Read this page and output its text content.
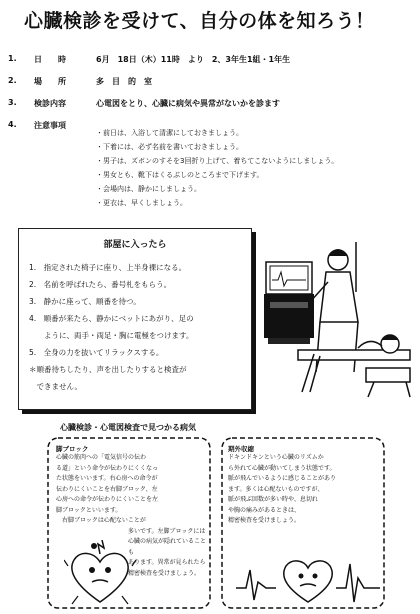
心臓検診を受けて、自分の体を知ろう！
1. 日　時	6月　18日（木）11時　より　2、3年生1組・1年生
2. 場　所	多　目　的　室
3. 検診内容	心電図をとり、心臓に病気や異常がないかを診ます
4. 注意事項
・ 前日は、入浴して清潔にしておきましょう。
・ 下着には、必ず名前を書いておきましょう。
・ 男子は、ズボンのすそを3回折り上げて、着ちてこないようにしましょう。
・ 男女とも、靴下はくるぶしのところまで下げます。
・ 会場内は、静かにしましょう。
・ 更衣は、早くしましょう。
部屋に入ったら
1.　指定された椅子に座り、上半身裸になる。
2.　名前を呼ばれたら、番号札をもらう。
3.　静かに座って、順番を待つ。
4.　順番が来たら、静かにベットにあがり、足の
　　ように、両手・両足・胸に電極をつけます。
5.　全身の力を抜いてリラックスする。
＊順番待ちしたり、声を出したりすると検査が
　できません。
心臓検診・心電図検査で見つかる病気
脚ブロック
心臓の筋肉への「電気信号の伝わ
る道」という命令が伝わりにくくなっ
た状態をいいます。右心房への命令が
伝わりにくいことを右脚ブロック、左
心房への命令が伝わりにくいことを左
脚ブロックといいます。
　右脚ブロックは心配ないことが
多いです。左脚ブロックには
心臓の病気が隠れていることも
あります。異常が見られたら
精密検査を受けましょう。
期外収縮
ドキンドキンという心臓のリズムか
ら外れて心臓が動いてしまう状態です。
脈が飛んでいるように感じることがあり
ます。多くは心配ないものですが、
脈が飛ぶ回数が多い時や、息切れ
や胸の痛みがあるときは、
精密検査を受けましょう。
